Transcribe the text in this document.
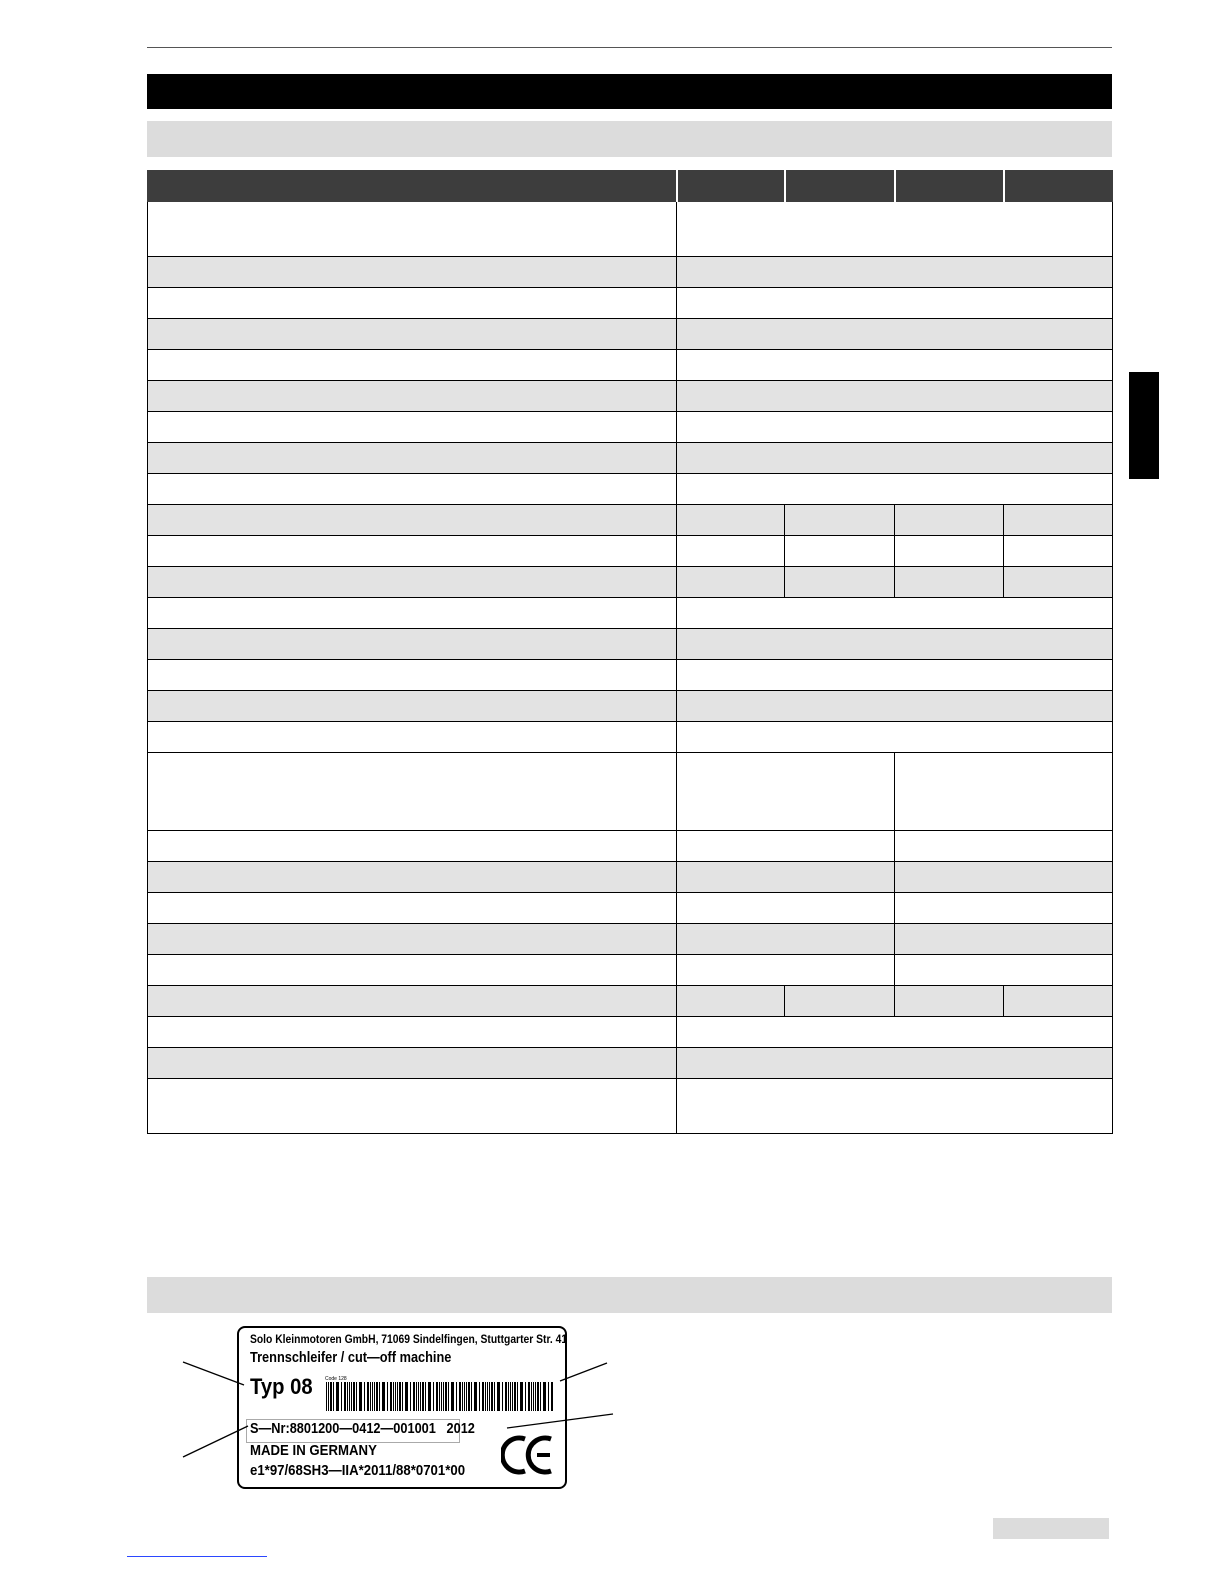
Solo Kleinmotoren GmbH, 71069 Sindelfingen, Stuttgarter Str. 41
Trennschleifer / cut—off machine
Typ 08 Code 128
S—Nr:8801200—0412—001001 2012
MADE IN GERMANY
e1*97/68SH3—IIA*2011/88*0701*00
